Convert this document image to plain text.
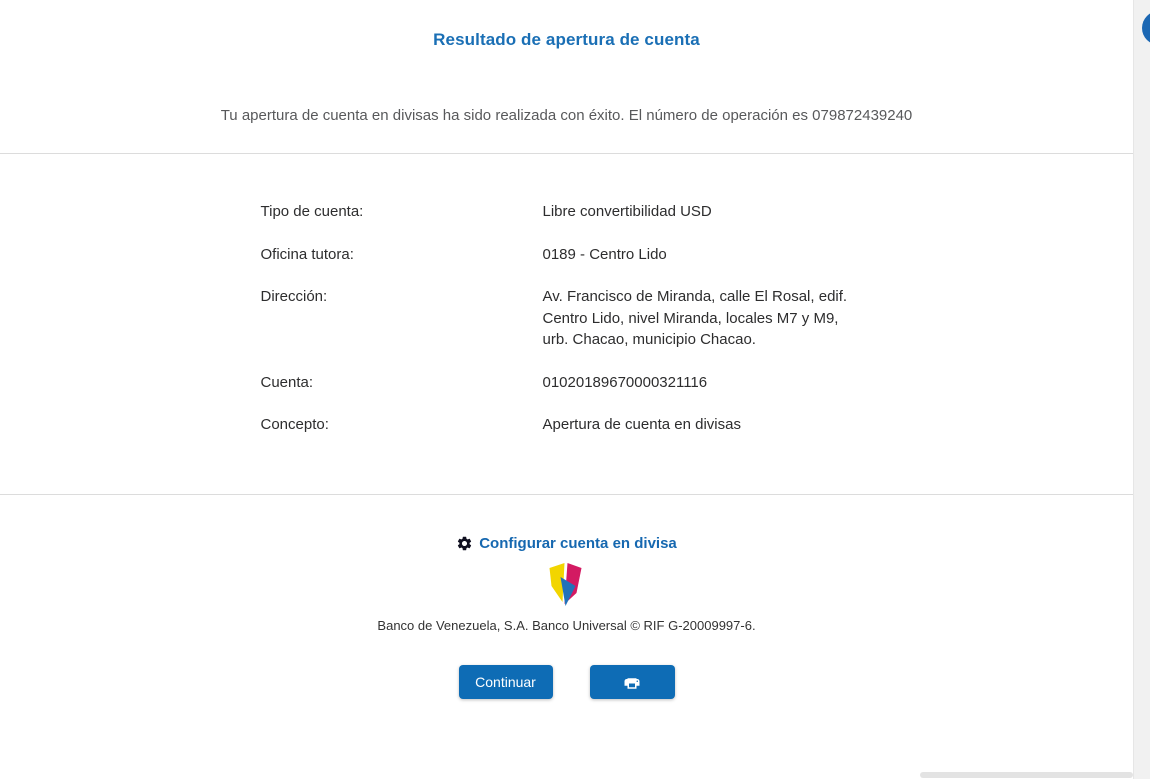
Resultado de apertura de cuenta

Tu apertura de cuenta en divisas ha sido realizada con éxito. El número de operación es 079872439240

Tipo de cuenta:	Libre convertibilidad USD
Oficina tutora:	0189 - Centro Lido
Dirección:	Av. Francisco de Miranda, calle El Rosal, edif. Centro Lido, nivel Miranda, locales M7 y M9, urb. Chacao, municipio Chacao.
Cuenta:	01020189670000321116
Concepto:	Apertura de cuenta en divisas
Configurar cuenta en divisa

Banco de Venezuela, S.A. Banco Universal © RIF G-20009997-6.

Continuar
